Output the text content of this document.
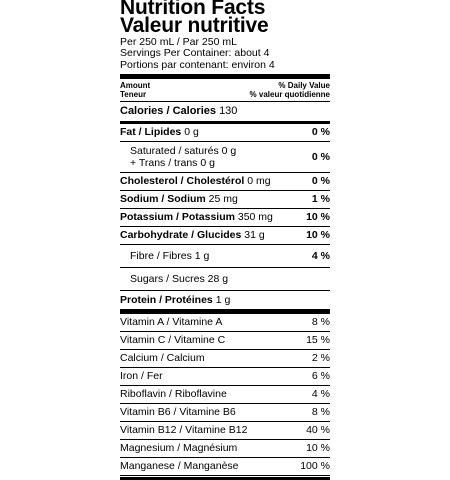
Nutrition Facts
Valeur nutritive
Per 250 mL / Par 250 mL
Servings Per Container: about 4
Portions par contenant: environ 4
Amount	% Daily Value
Teneur	% valeur quotidienne
Calories / Calories 130
Fat / Lipides 0 g	0 %
Saturated / saturés 0 g
+ Trans / trans 0 g	0 %
Cholesterol / Cholestérol 0 mg	0 %
Sodium / Sodium 25 mg	1 %
Potassium / Potassium 350 mg	10 %
Carbohydrate / Glucides 31 g	10 %
Fibre / Fibres 1 g	4 %
Sugars / Sucres 28 g
Protein / Protéines 1 g
Vitamin A / Vitamine A	8 %
Vitamin C / Vitamine C	15 %
Calcium / Calcium	2 %
Iron / Fer	6 %
Riboflavin / Riboflavine	4 %
Vitamin B6 / Vitamine B6	8 %
Vitamin B12 / Vitamine B12	40 %
Magnesium / Magnésium	10 %
Manganese / Manganèse	100 %
